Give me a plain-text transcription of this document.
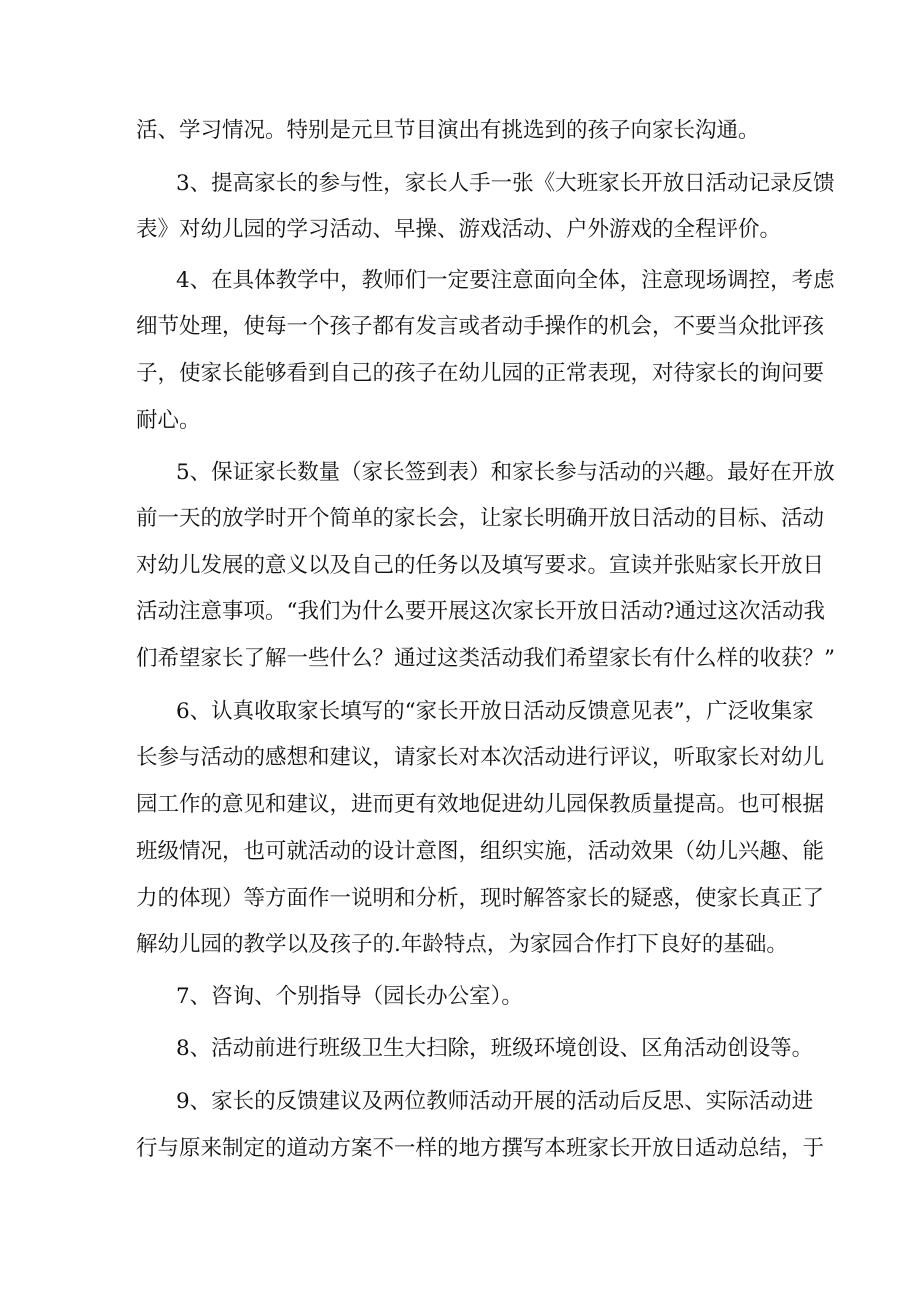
活、学习情况。特别是元旦节目演出有挑选到的孩子向家长沟通。
3、提高家长的参与性，家长人手一张《大班家长开放日活动记录反馈
表》对幼儿园的学习活动、早操、游戏活动、户外游戏的全程评价。
4、在具体教学中，教师们一定要注意面向全体，注意现场调控，考虑
细节处理，使每一个孩子都有发言或者动手操作的机会，不要当众批评孩
子，使家长能够看到自己的孩子在幼儿园的正常表现，对待家长的询问要
耐心。
5、保证家长数量（家长签到表）和家长参与活动的兴趣。最好在开放
前一天的放学时开个简单的家长会，让家长明确开放日活动的目标、活动
对幼儿发展的意义以及自己的任务以及填写要求。宣读并张贴家长开放日
活动注意事项。“我们为什么要开展这次家长开放日活动?通过这次活动我
们希望家长了解一些什么？通过这类活动我们希望家长有什么样的收获？”
6、认真收取家长填写的“家长开放日活动反馈意见表”，广泛收集家
长参与活动的感想和建议，请家长对本次活动进行评议，听取家长对幼儿
园工作的意见和建议，进而更有效地促进幼儿园保教质量提高。也可根据
班级情况，也可就活动的设计意图，组织实施，活动效果（幼儿兴趣、能
力的体现）等方面作一说明和分析，现时解答家长的疑惑，使家长真正了
解幼儿园的教学以及孩子的.年龄特点，为家园合作打下良好的基础。
7、咨询、个别指导（园长办公室）。
8、活动前进行班级卫生大扫除，班级环境创设、区角活动创设等。
9、家长的反馈建议及两位教师活动开展的活动后反思、实际活动进
行与原来制定的道动方案不一样的地方撰写本班家长开放日适动总结，于
